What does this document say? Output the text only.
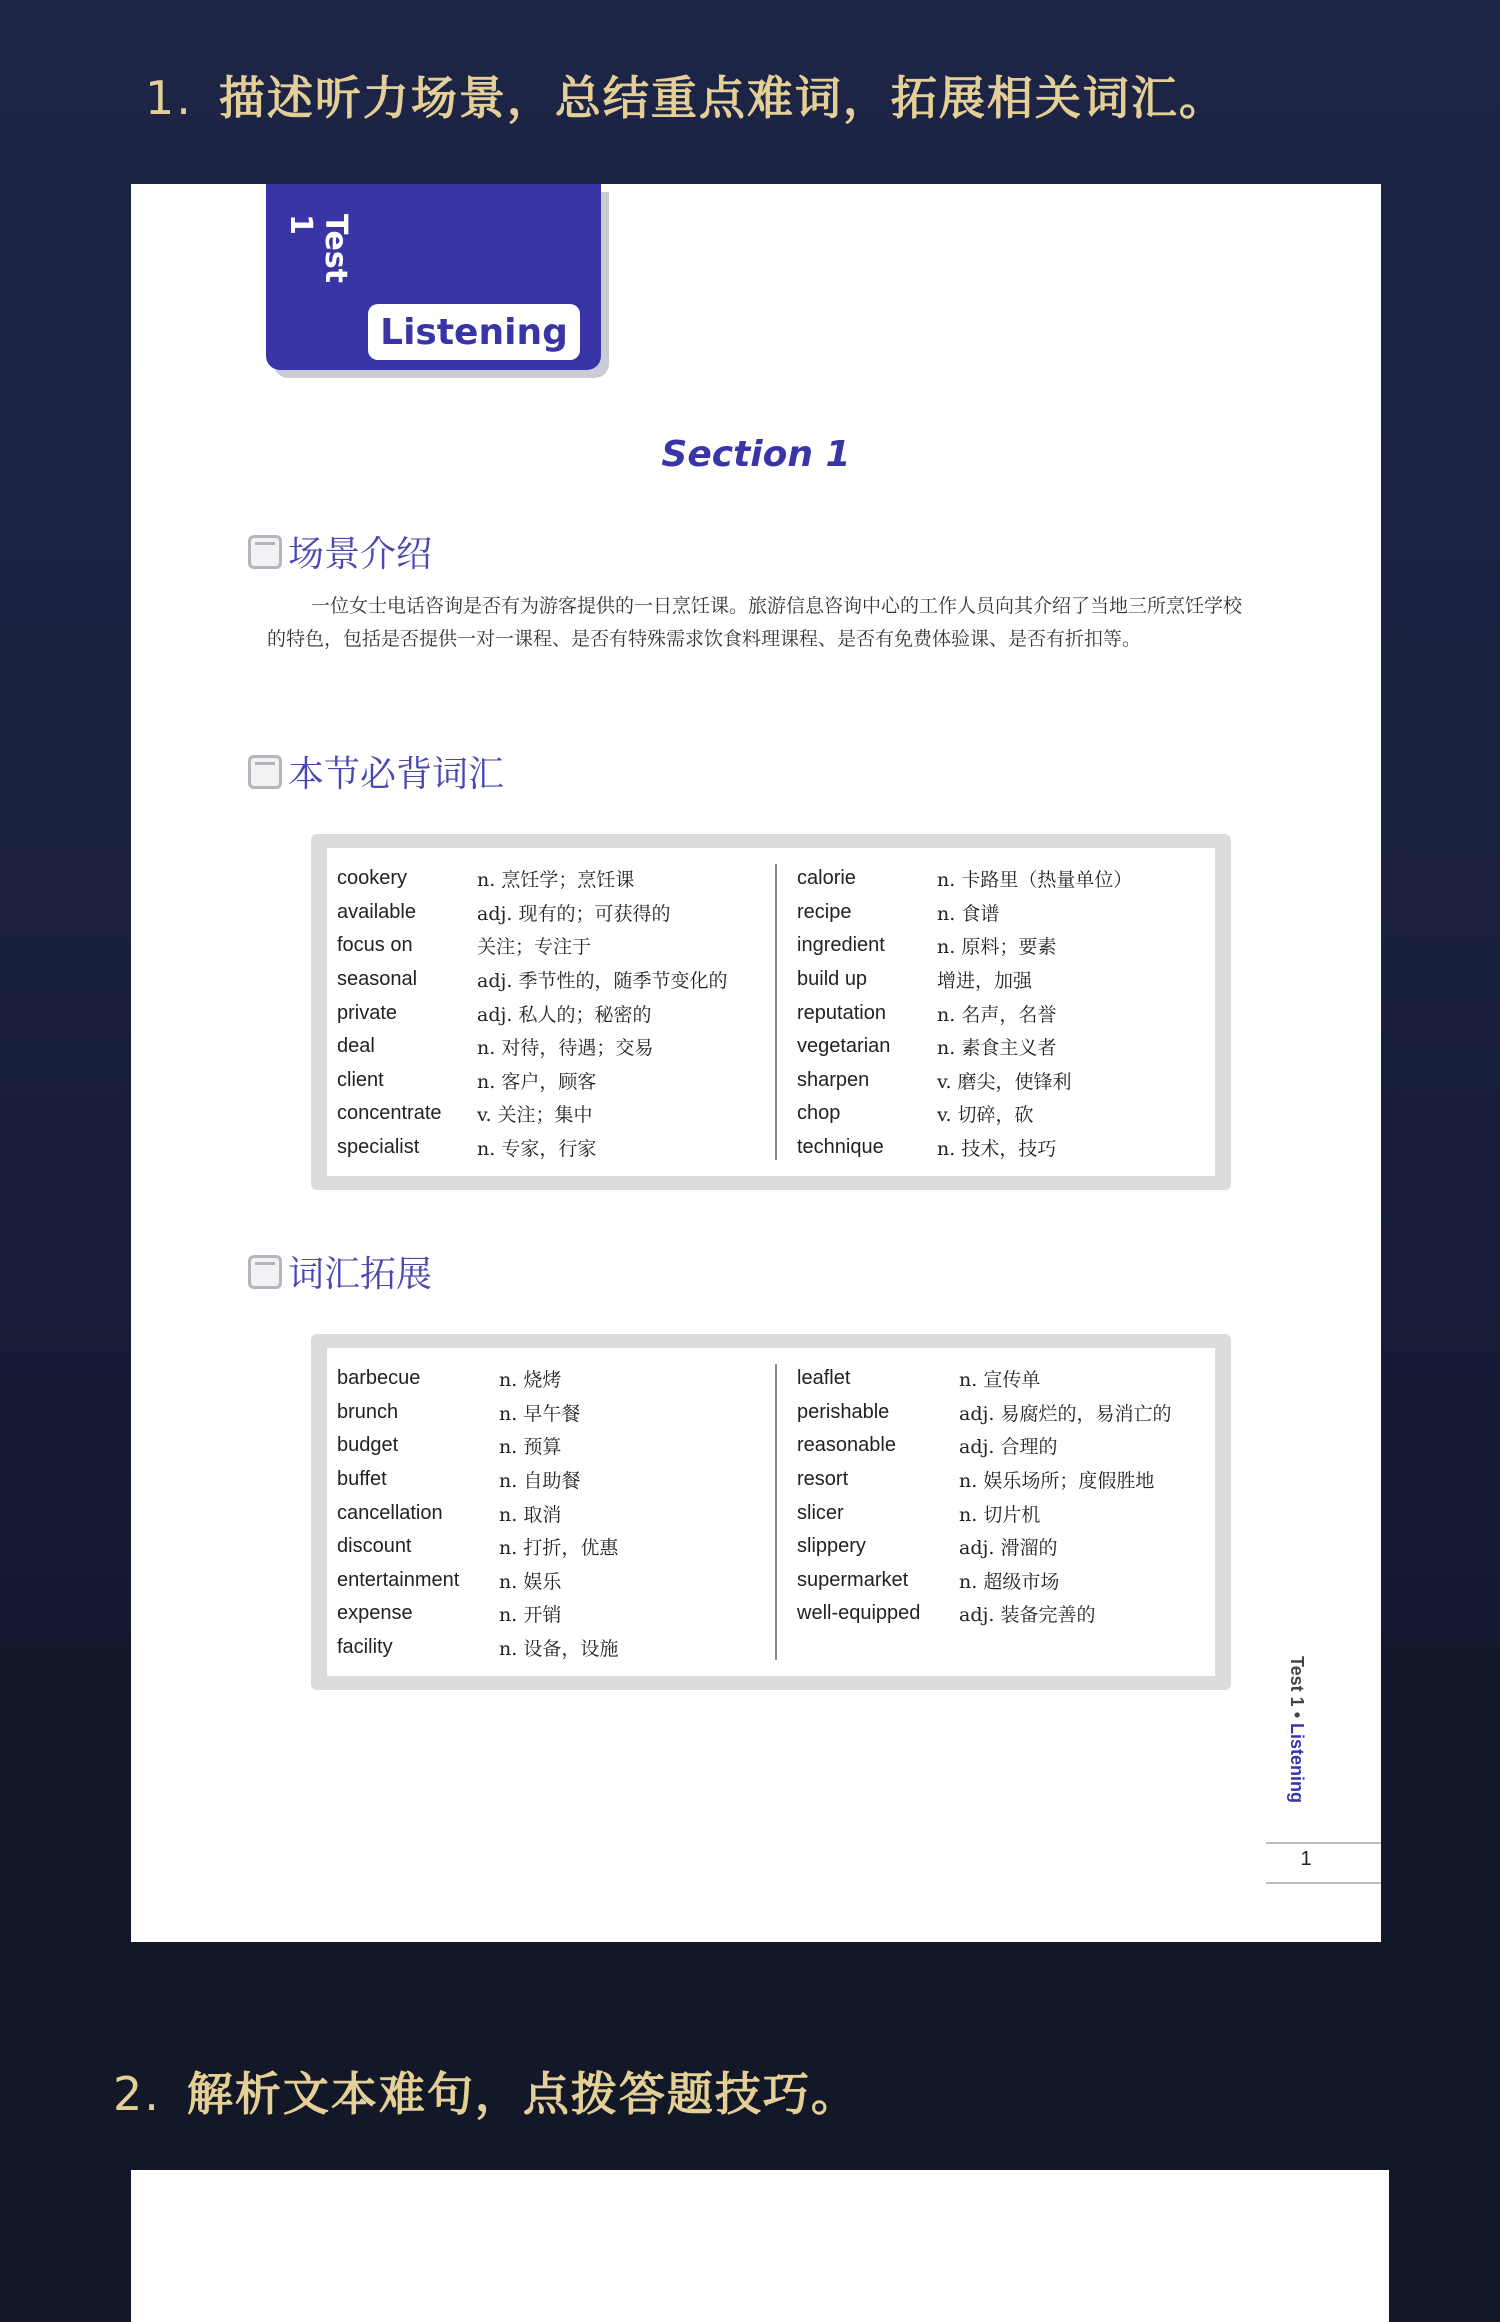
1. 描述听力场景，总结重点难词，拓展相关词汇。
Test 1
Listening
Section 1
场景介绍
一位女士电话咨询是否有为游客提供的一日烹饪课。旅游信息咨询中心的工作人员向其介绍了当地三所烹饪学校的特色，包括是否提供一对一课程、是否有特殊需求饮食料理课程、是否有免费体验课、是否有折扣等。
本节必背词汇
cookery	n. 烹饪学；烹饪课
available	adj. 现有的；可获得的
focus on	关注；专注于
seasonal	adj. 季节性的，随季节变化的
private	adj. 私人的；秘密的
deal	n. 对待，待遇；交易
client	n. 客户，顾客
concentrate	v. 关注；集中
specialist	n. 专家，行家
calorie	n. 卡路里（热量单位）
recipe	n. 食谱
ingredient	n. 原料；要素
build up	增进，加强
reputation	n. 名声，名誉
vegetarian	n. 素食主义者
sharpen	v. 磨尖，使锋利
chop	v. 切碎，砍
technique	n. 技术，技巧
词汇拓展
barbecue	n. 烧烤
brunch	n. 早午餐
budget	n. 预算
buffet	n. 自助餐
cancellation	n. 取消
discount	n. 打折，优惠
entertainment	n. 娱乐
expense	n. 开销
facility	n. 设备，设施
leaflet	n. 宣传单
perishable	adj. 易腐烂的，易消亡的
reasonable	adj. 合理的
resort	n. 娱乐场所；度假胜地
slicer	n. 切片机
slippery	adj. 滑溜的
supermarket	n. 超级市场
well-equipped	adj. 装备完善的
Test 1 • Listening
1
2. 解析文本难句，点拨答题技巧。
